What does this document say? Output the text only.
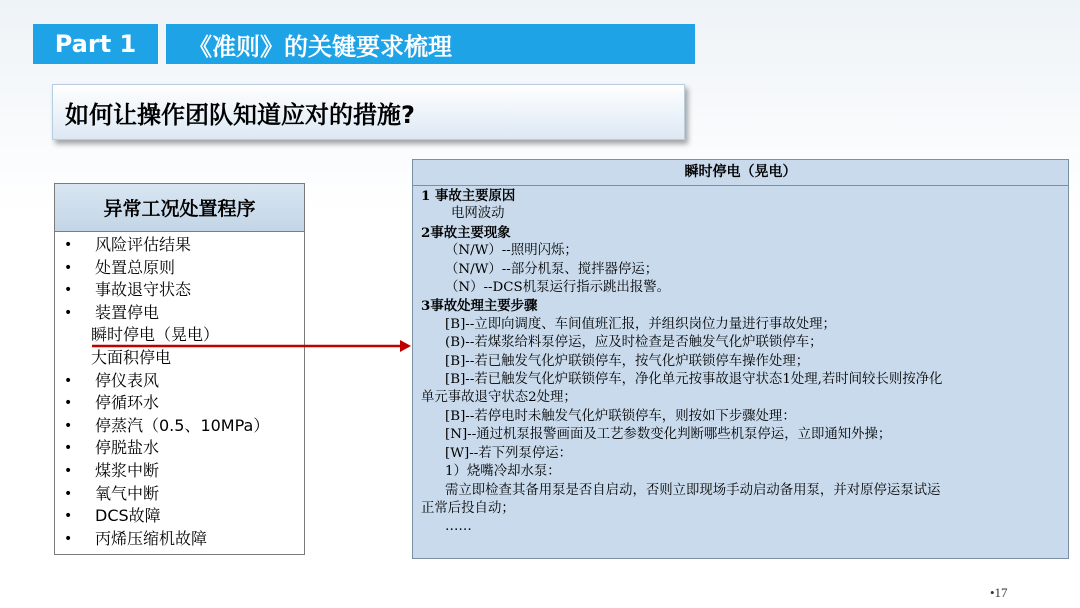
Part 1	《准则》的关键要求梳理
如何让操作团队知道应对的措施?
异常工况处置程序
• 风险评估结果
• 处置总原则
• 事故退守状态
• 装置停电
瞬时停电（晃电）
大面积停电
• 停仪表风
• 停循环水
• 停蒸汽（0.5、10MPa）
• 停脱盐水
• 煤浆中断
• 氧气中断
• DCS故障
• 丙烯压缩机故障
瞬时停电（晃电）
1 事故主要原因
电网波动
2事故主要现象
（N/W）--照明闪烁；
（N/W）--部分机泵、搅拌器停运；
（N）--DCS机泵运行指示跳出报警。
3事故处理主要步骤
[B]--立即向调度、车间值班汇报，并组织岗位力量进行事故处理；
(B)--若煤浆给料泵停运，应及时检查是否触发气化炉联锁停车；
[B]--若已触发气化炉联锁停车，按气化炉联锁停车操作处理；
[B]--若已触发气化炉联锁停车，净化单元按事故退守状态1处理,若时间较长则按净化
单元事故退守状态2处理；
[B]--若停电时未触发气化炉联锁停车，则按如下步骤处理：
[N]--通过机泵报警画面及工艺参数变化判断哪些机泵停运，立即通知外操；
[W]--若下列泵停运：
1）烧嘴冷却水泵：
需立即检查其备用泵是否自启动，否则立即现场手动启动备用泵，并对原停运泵试运
正常后投自动；
……
•17
